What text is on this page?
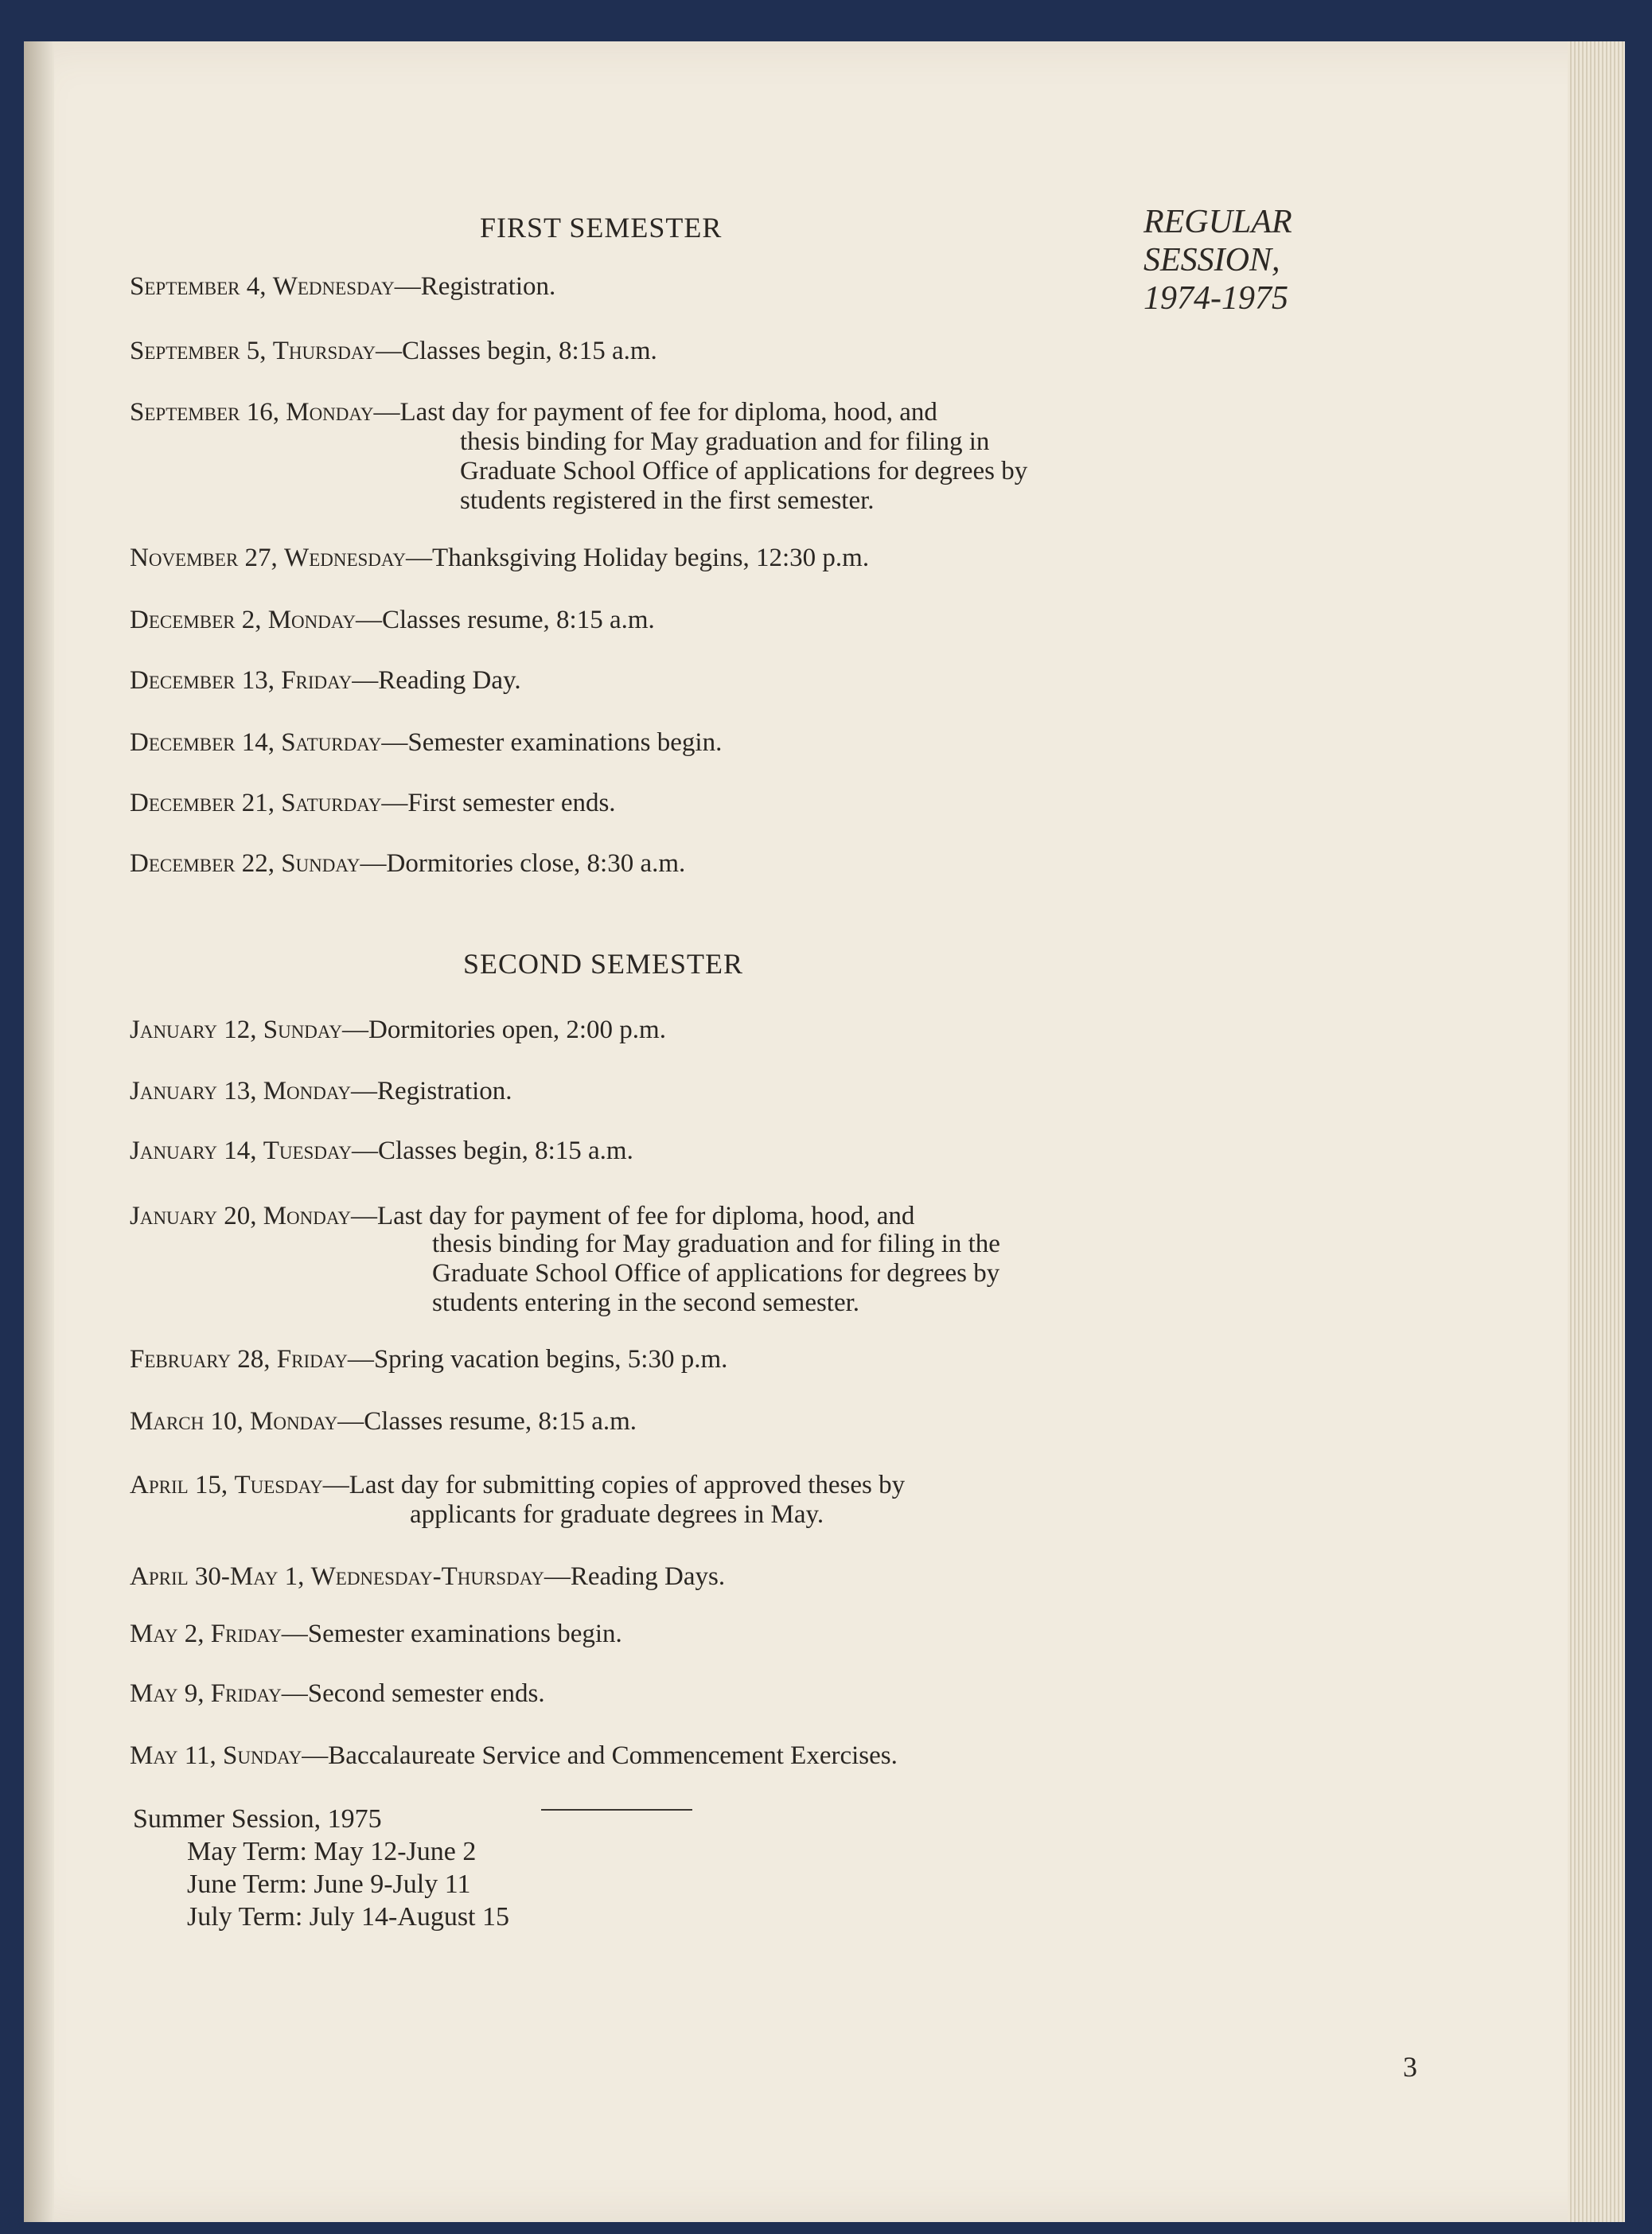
REGULAR
SESSION,
1974-1975
FIRST SEMESTER
September 4, Wednesday—Registration.
September 5, Thursday—Classes begin, 8:15 a.m.
September 16, Monday—Last day for payment of fee for diploma, hood, and
thesis binding for May graduation and for filing in
Graduate School Office of applications for degrees by
students registered in the first semester.
November 27, Wednesday—Thanksgiving Holiday begins, 12:30 p.m.
December 2, Monday—Classes resume, 8:15 a.m.
December 13, Friday—Reading Day.
December 14, Saturday—Semester examinations begin.
December 21, Saturday—First semester ends.
December 22, Sunday—Dormitories close, 8:30 a.m.
SECOND SEMESTER
January 12, Sunday—Dormitories open, 2:00 p.m.
January 13, Monday—Registration.
January 14, Tuesday—Classes begin, 8:15 a.m.
January 20, Monday—Last day for payment of fee for diploma, hood, and
thesis binding for May graduation and for filing in the
Graduate School Office of applications for degrees by
students entering in the second semester.
February 28, Friday—Spring vacation begins, 5:30 p.m.
March 10, Monday—Classes resume, 8:15 a.m.
April 15, Tuesday—Last day for submitting copies of approved theses by
applicants for graduate degrees in May.
April 30-May 1, Wednesday-Thursday—Reading Days.
May 2, Friday—Semester examinations begin.
May 9, Friday—Second semester ends.
May 11, Sunday—Baccalaureate Service and Commencement Exercises.
Summer Session, 1975
May Term: May 12-June 2
June Term: June 9-July 11
July Term: July 14-August 15
3
